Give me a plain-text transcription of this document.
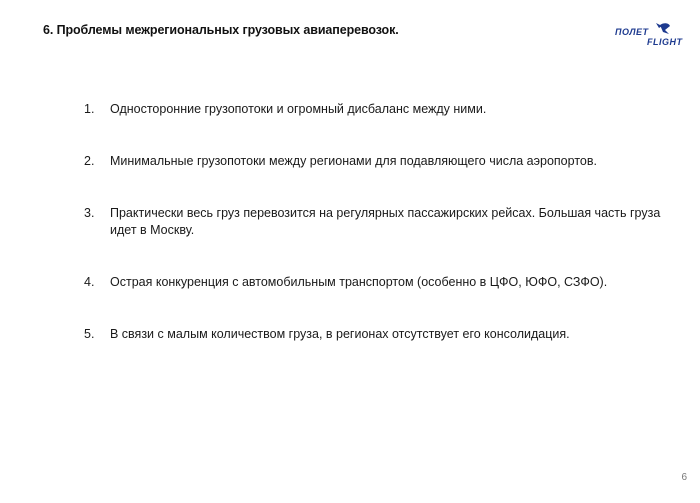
6. Проблемы межрегиональных грузовых авиаперевозок.	ПОЛЕТ
FLIGHT
1.	Односторонние грузопотоки и огромный дисбаланс между ними.
2.	Минимальные грузопотоки между регионами для подавляющего числа аэропортов.
3.	Практически весь груз перевозится на регулярных пассажирских рейсах. Большая часть груза идет в Москву.
4.	Острая конкуренция с автомобильным транспортом (особенно в ЦФО, ЮФО, СЗФО).
5.	В связи с малым количеством груза, в регионах отсутствует его консолидация.
6
